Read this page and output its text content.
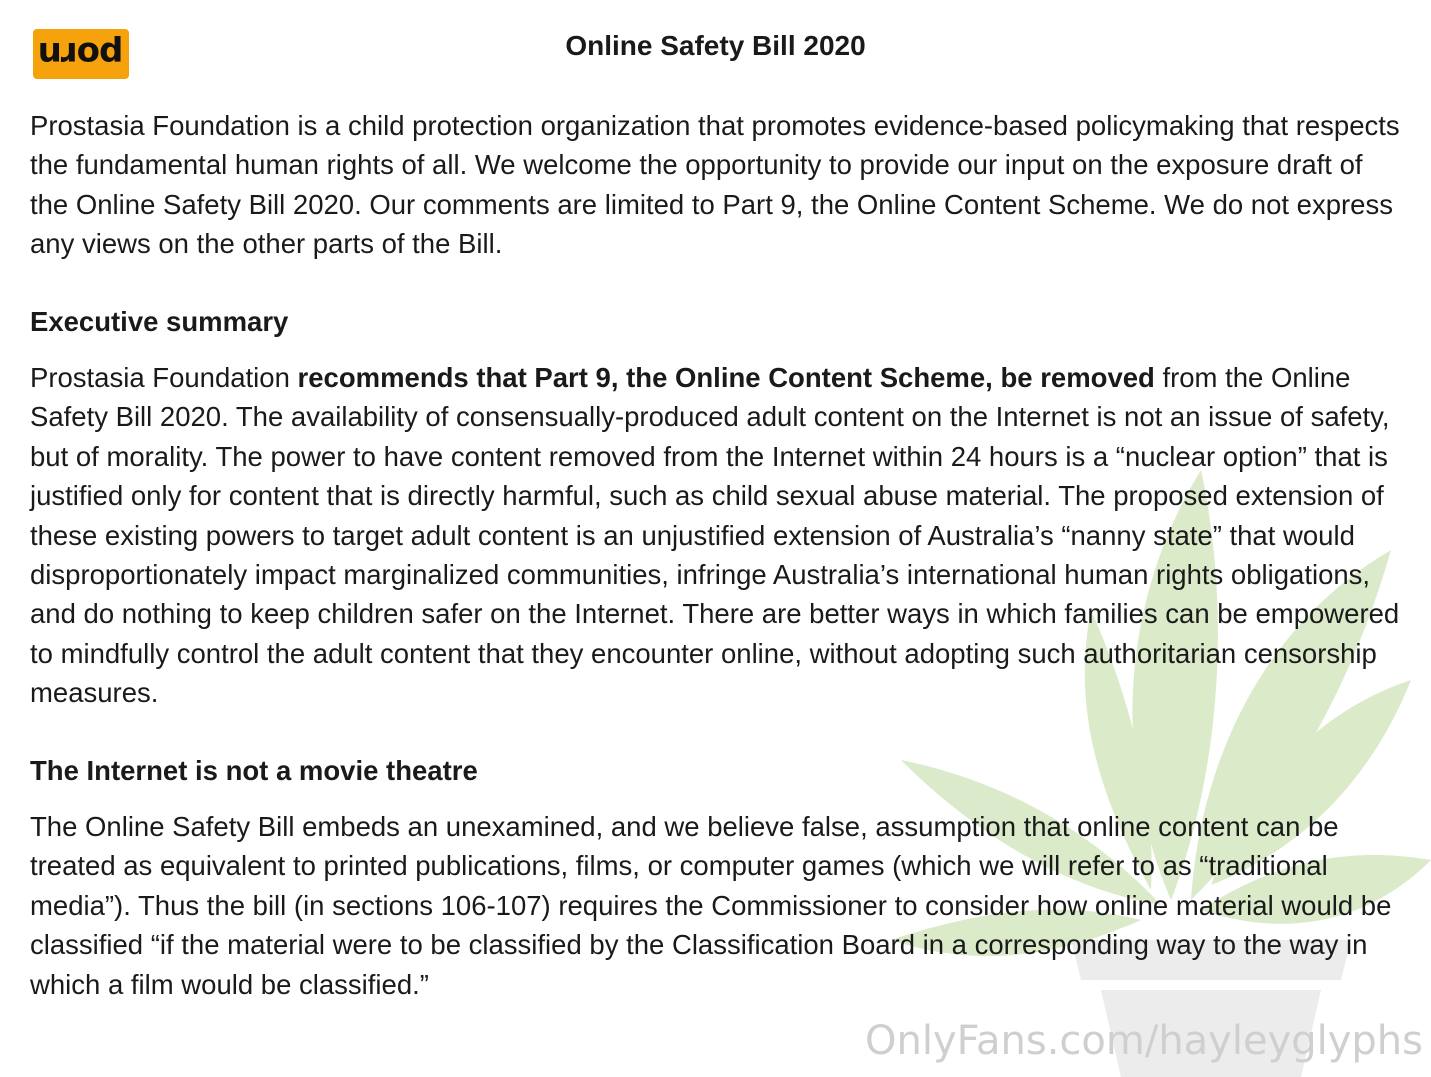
porn	Online Safety Bill 2020

Prostasia Foundation is a child protection organization that promotes evidence-based policymaking that respects the fundamental human rights of all. We welcome the opportunity to provide our input on the exposure draft of the Online Safety Bill 2020. Our comments are limited to Part 9, the Online Content Scheme. We do not express any views on the other parts of the Bill.

Executive summary

Prostasia Foundation recommends that Part 9, the Online Content Scheme, be removed from the Online Safety Bill 2020. The availability of consensually-produced adult content on the Internet is not an issue of safety, but of morality. The power to have content removed from the Internet within 24 hours is a “nuclear option” that is justified only for content that is directly harmful, such as child sexual abuse material. The proposed extension of these existing powers to target adult content is an unjustified extension of Australia’s “nanny state” that would disproportionately impact marginalized communities, infringe Australia’s international human rights obligations, and do nothing to keep children safer on the Internet. There are better ways in which families can be empowered to mindfully control the adult content that they encounter online, without adopting such authoritarian censorship measures.

The Internet is not a movie theatre

The Online Safety Bill embeds an unexamined, and we believe false, assumption that online content can be treated as equivalent to printed publications, films, or computer games (which we will refer to as “traditional media”). Thus the bill (in sections 106-107) requires the Commissioner to consider how online material would be classified “if the material were to be classified by the Classification Board in a corresponding way to the way in which a film would be classified.”

OnlyFans.com/hayleyglyphs
